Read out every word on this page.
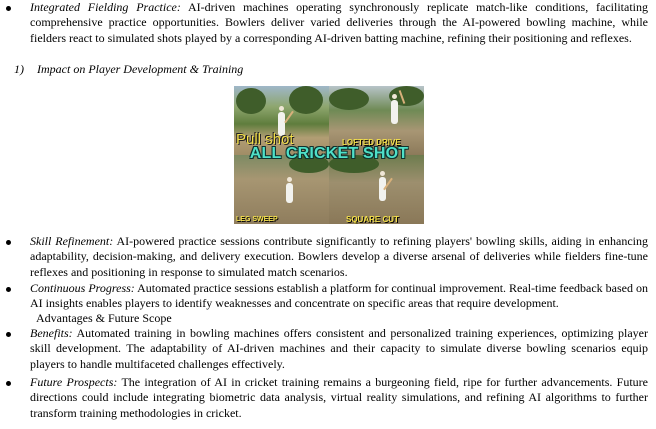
Integrated Fielding Practice: AI-driven machines operating synchronously replicate match-like conditions, facilitating comprehensive practice opportunities. Bowlers deliver varied deliveries through the AI-powered bowling machine, while fielders react to simulated shots played by a corresponding AI-driven batting machine, refining their positioning and reflexes.
1) Impact on Player Development & Training
Pull shot	LOFTED DRIVE
ALL CRICKET SHOT
LEG SWEEP	SQUARE CUT
Skill Refinement: AI-powered practice sessions contribute significantly to refining players' bowling skills, aiding in enhancing adaptability, decision-making, and delivery execution. Bowlers develop a diverse arsenal of deliveries while fielders fine-tune reflexes and positioning in response to simulated match scenarios.
Continuous Progress: Automated practice sessions establish a platform for continual improvement. Real-time feedback based on AI insights enables players to identify weaknesses and concentrate on specific areas that require development.
Advantages & Future Scope
Benefits: Automated training in bowling machines offers consistent and personalized training experiences, optimizing player skill development. The adaptability of AI-driven machines and their capacity to simulate diverse bowling scenarios equip players to handle multifaceted challenges effectively.
Future Prospects: The integration of AI in cricket training remains a burgeoning field, ripe for further advancements. Future directions could include integrating biometric data analysis, virtual reality simulations, and refining AI algorithms to further transform training methodologies in cricket.
